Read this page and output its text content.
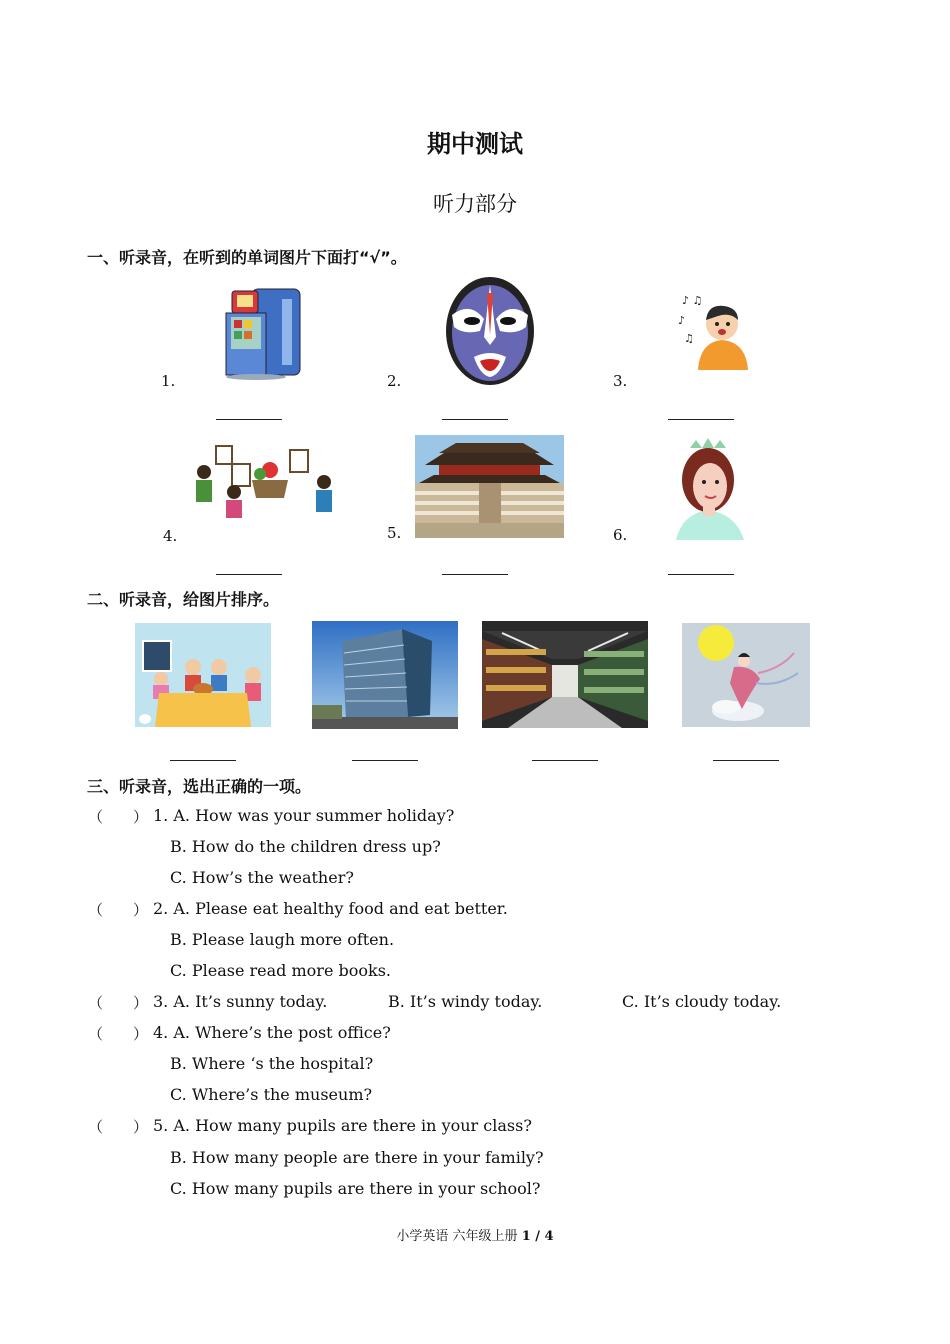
期中测试
听力部分
一、听录音，在听到的单词图片下面打“√”。
1.	2.	3.
♪ ♫
♪
♫
4.	5.	6.
二、听录音，给图片排序。
三、听录音，选出正确的一项。
（　　） 1. A. How was your summer holiday?
B. How do the children dress up?
C. How’s the weather?
（　　） 2. A. Please eat healthy food and eat better.
B. Please laugh more often.
C. Please read more books.
（　　） 3. A. It’s sunny today.	B. It’s windy today.	C. It’s cloudy today.
（　　） 4. A. Where’s the post office?
B. Where ‘s the hospital?
C. Where’s the museum?
（　　） 5. A. How many pupils are there in your class?
B. How many people are there in your family?
C. How many pupils are there in your school?
小学英语 六年级上册 1 / 4
